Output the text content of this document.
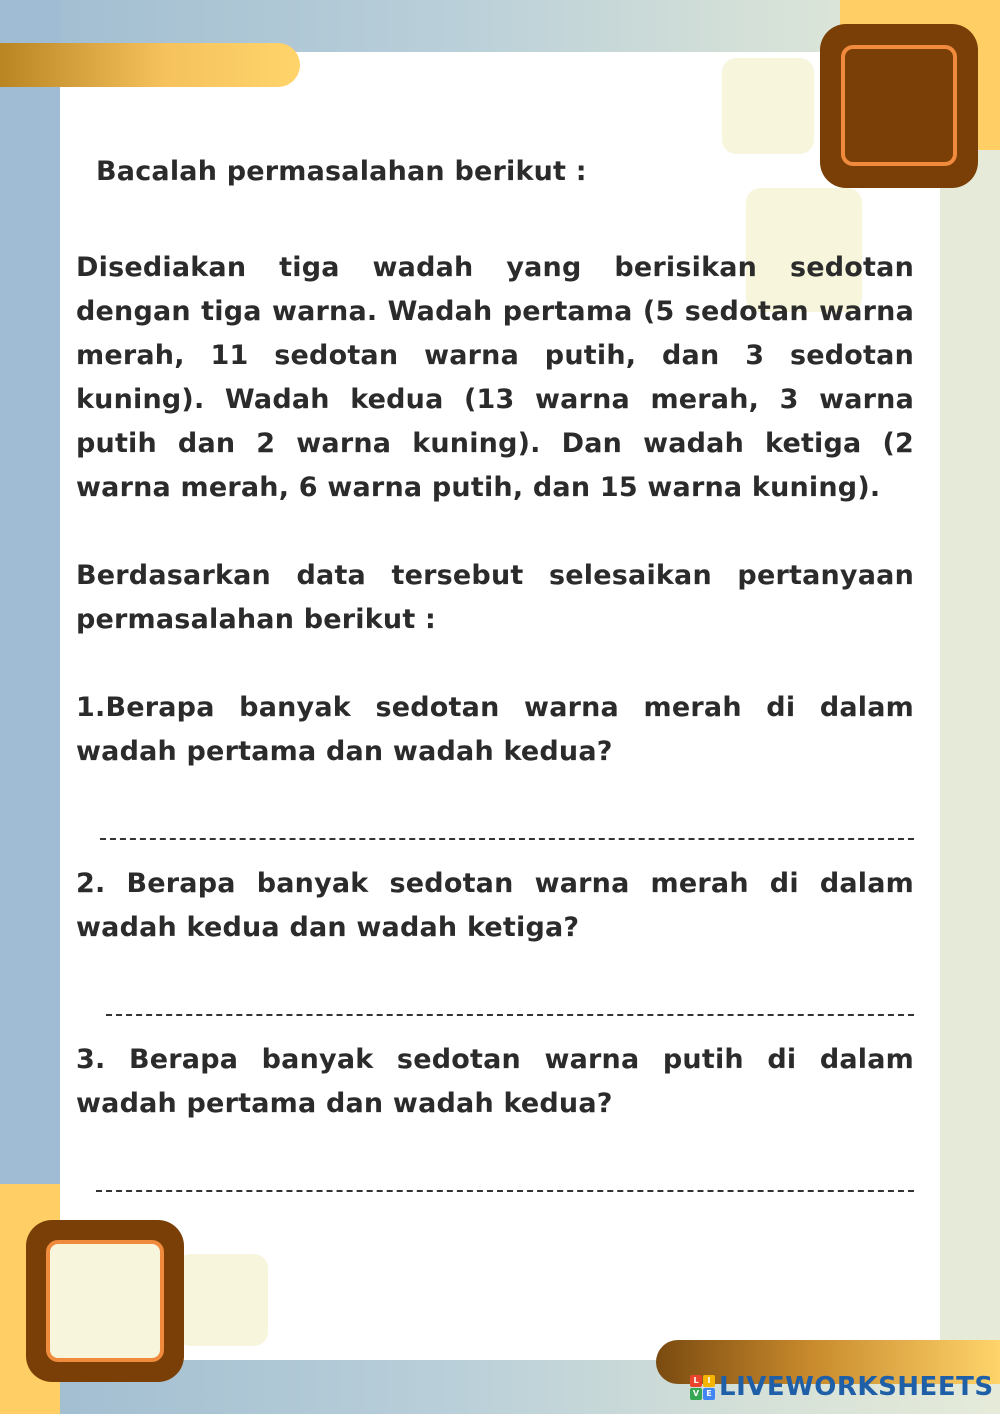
Bacalah permasalahan berikut :

Disediakan tiga wadah yang berisikan sedotan dengan tiga warna. Wadah pertama (5 sedotan warna merah, 11 sedotan warna putih, dan 3 sedotan kuning). Wadah kedua (13 warna merah, 3 warna putih dan 2 warna kuning). Dan wadah ketiga (2 warna merah, 6 warna putih, dan 15 warna kuning).

Berdasarkan data tersebut selesaikan pertanyaan permasalahan berikut :

1.Berapa banyak sedotan warna merah di dalam wadah pertama dan wadah kedua?

2. Berapa banyak sedotan warna merah di dalam wadah kedua dan wadah ketiga?

3. Berapa banyak sedotan warna putih di dalam wadah pertama dan wadah kedua?

L	I
V E LIVEWORKSHEETS
